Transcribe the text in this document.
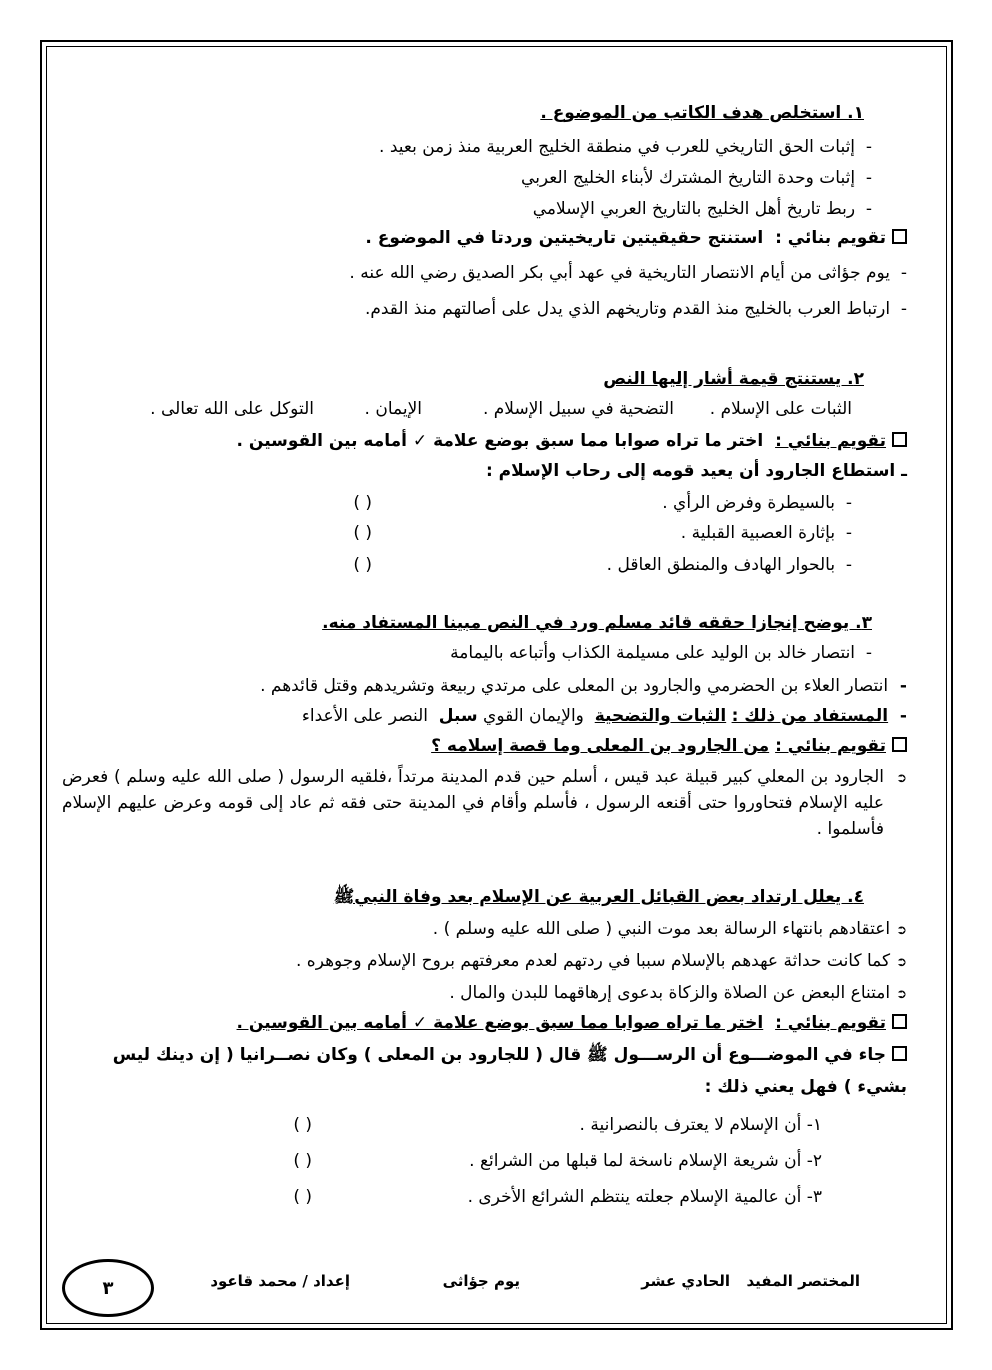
١. استخلص هدف الكاتب من الموضوع .
-  إثبات الحق التاريخي للعرب في منطقة الخليج العربية منذ زمن بعيد .
-  إثبات وحدة التاريخ المشترك لأبناء الخليج العربي
-  ربط تاريخ أهل الخليج بالتاريخ العربي الإسلامي
تقويم بنائي :  استنتج حقيقيتين تاريخيتين وردتا في الموضوع .
-  يوم جؤاثى من أيام الانتصار التاريخية في عهد أبي بكر الصديق رضي الله عنه .
-  ارتباط العرب بالخليج منذ القدم وتاريخهم الذي يدل على أصالتهم منذ القدم.
٢. يستنتج قيمة أشار إليها النص
الثبات على الإسلام .
التضحية في سبيل الإسلام .
الإيمان .
التوكل على الله تعالى .
تقويم بنائي :  اختر ما تراه صوابا مما سبق بوضع علامة ✓ أمامه بين القوسين .
ـ استطاع الجارود أن يعيد قومه إلى رحاب الإسلام :
-  بالسيطرة وفرض الرأي .
( )
-  بإثارة العصبية القبلية .
( )
-  بالحوار الهادف والمنطق العاقل .
( )
٣. يوضح إنجازا حققه قائد مسلم ورد في النص مبينا المستفاد منه.
-  انتصار خالد بن الوليد على مسيلمة الكذاب وأتباعه باليمامة
-  انتصار العلاء بن الحضرمي والجارود بن المعلى على مرتدي ربيعة وتشريدهم وقتل قائدهم .
-  المستفاد من ذلك : الثبات والتضحية  والإيمان القوي سبل  النصر على الأعداء
تقويم بنائي : من الجارود بن المعلى وما قصة إسلامه ؟
➲
الجارود بن المعلي كبير قبيلة عبد قيس ، أسلم حين قدم المدينة مرتداً ،فلقيه الرسول ( صلى الله عليه وسلم ) فعرض عليه الإسلام فتحاوروا حتى أقنعه الرسول ، فأسلم وأقام في المدينة حتى فقه ثم عاد إلى قومه وعرض عليهم الإسلام فأسلموا .
٤. يعلل ارتداد بعض القبائل العربية عن الإسلام بعد وفاة النبيﷺ
➲اعتقادهم بانتهاء الرسالة بعد موت النبي ( صلى الله عليه وسلم ) .
➲كما كانت حداثة عهدهم بالإسلام سببا في ردتهم لعدم معرفتهم بروح الإسلام وجوهره .
➲امتناع البعض عن الصلاة والزكاة بدعوى إرهاقهما للبدن والمال .
تقويم بنائي :  اختر ما تراه صوابا مما سبق بوضع علامة ✓ أمامه بين القوسين .
جاء في الموضـــوع أن الرســـول ﷺ قال ( للجارود بن المعلى ) وكان نصــرانيا ( إن دينك ليس
بشيء ) فهل يعني ذلك :
١- أن الإسلام لا يعترف بالنصرانية .
( )
٢- أن شريعة الإسلام ناسخة لما قبلها من الشرائع .
( )
٣- أن عالمية الإسلام جعلته ينتظم الشرائع الأخرى .
( )
المختصر المفيد
الحادي عشر
يوم جؤاثى
إعداد / محمد قاعود
٣
